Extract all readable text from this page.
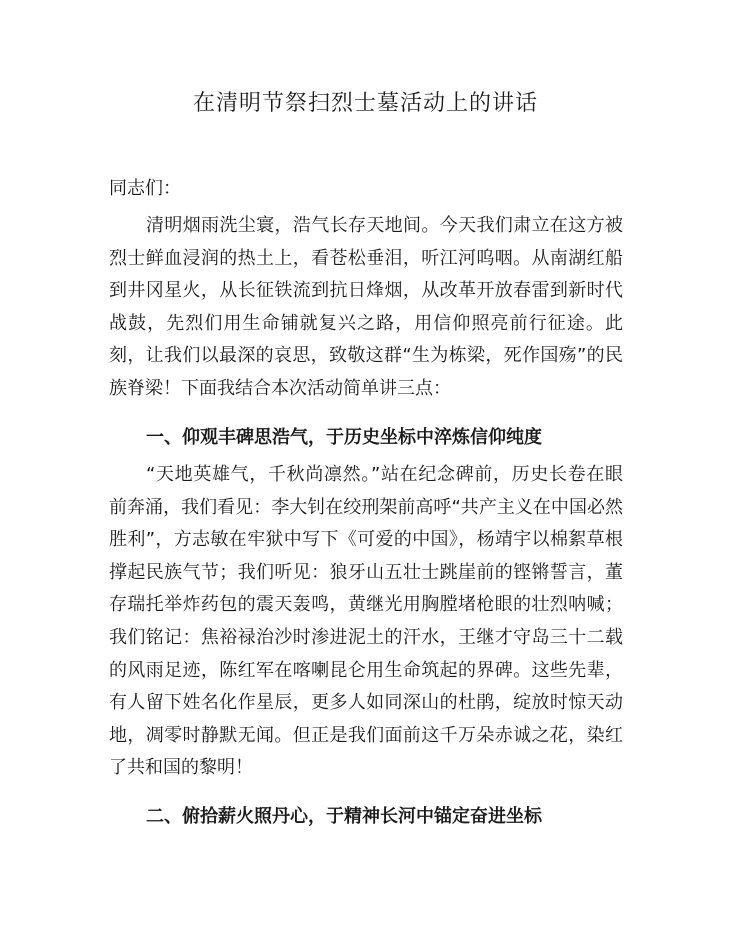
在清明节祭扫烈士墓活动上的讲话

同志们：

清明烟雨洗尘寰，浩气长存天地间。今天我们肃立在这方被烈士鲜血浸润的热土上，看苍松垂泪，听江河呜咽。从南湖红船到井冈星火，从长征铁流到抗日烽烟，从改革开放春雷到新时代战鼓，先烈们用生命铺就复兴之路，用信仰照亮前行征途。此刻，让我们以最深的哀思，致敬这群“生为栋梁，死作国殇”的民族脊梁！下面我结合本次活动简单讲三点：

一、仰观丰碑思浩气，于历史坐标中淬炼信仰纯度

“天地英雄气，千秋尚凛然。”站在纪念碑前，历史长卷在眼前奔涌，我们看见：李大钊在绞刑架前高呼“共产主义在中国必然胜利”，方志敏在牢狱中写下《可爱的中国》，杨靖宇以棉絮草根撑起民族气节；我们听见：狼牙山五壮士跳崖前的铿锵誓言，董存瑞托举炸药包的震天轰鸣，黄继光用胸膛堵枪眼的壮烈呐喊；我们铭记：焦裕禄治沙时渗进泥土的汗水，王继才守岛三十二载的风雨足迹，陈红军在喀喇昆仑用生命筑起的界碑。这些先辈，有人留下姓名化作星辰，更多人如同深山的杜鹃，绽放时惊天动地，凋零时静默无闻。但正是我们面前这千万朵赤诚之花，染红了共和国的黎明！

二、俯拾薪火照丹心，于精神长河中锚定奋进坐标
